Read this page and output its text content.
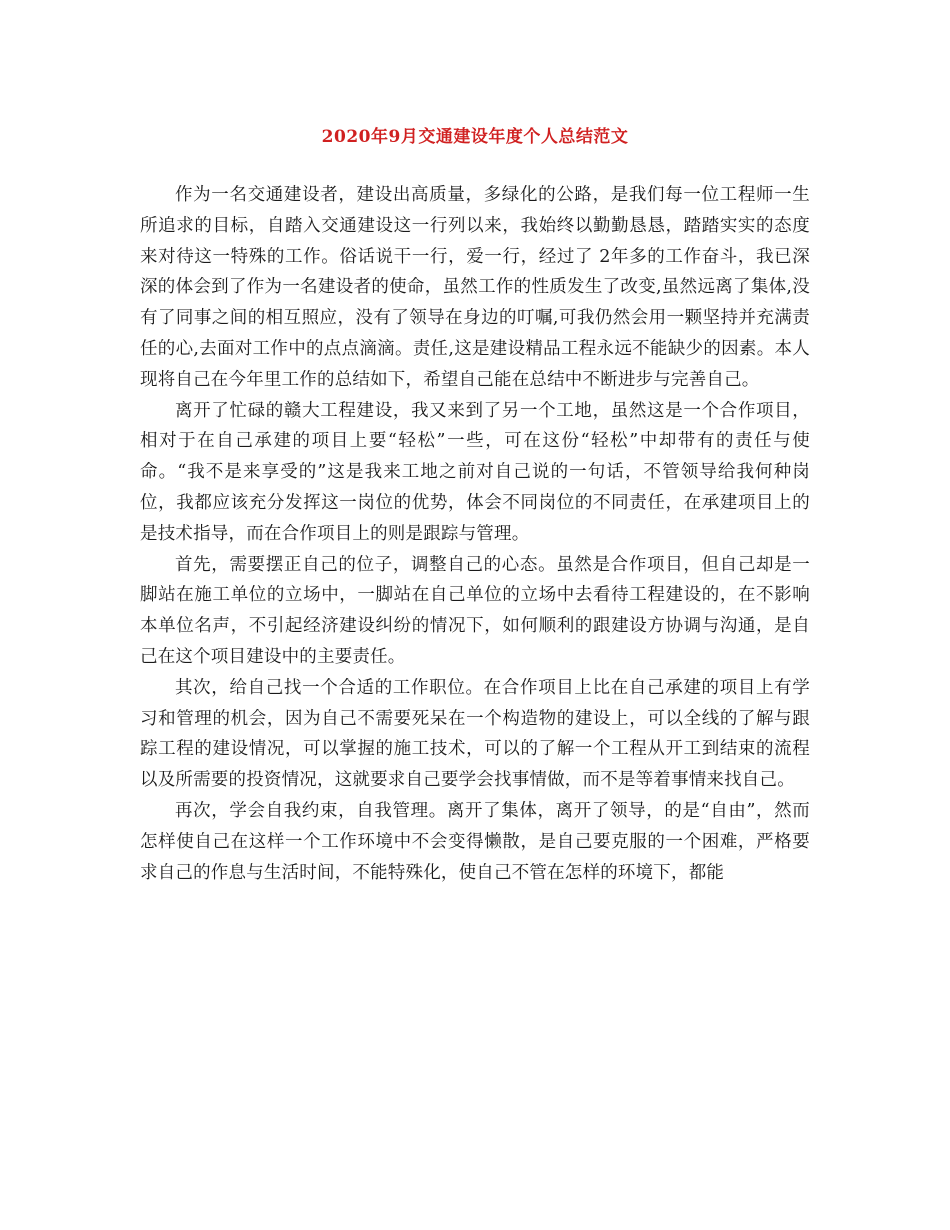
2020年9月交通建设年度个人总结范文

作为一名交通建设者，建设出高质量，多绿化的公路，是我们每一位工程师一生所追求的目标，自踏入交通建设这一行列以来，我始终以勤勤恳恳，踏踏实实的态度来对待这一特殊的工作。俗话说干一行，爱一行，经过了 2年多的工作奋斗，我已深深的体会到了作为一名建设者的使命，虽然工作的性质发生了改变,虽然远离了集体,没有了同事之间的相互照应，没有了领导在身边的叮嘱,可我仍然会用一颗坚持并充满责任的心,去面对工作中的点点滴滴。责任,这是建设精品工程永远不能缺少的因素。本人现将自己在今年里工作的总结如下，希望自己能在总结中不断进步与完善自己。

离开了忙碌的赣大工程建设，我又来到了另一个工地，虽然这是一个合作项目，相对于在自己承建的项目上要“轻松”一些，可在这份“轻松”中却带有的责任与使命。“我不是来享受的”这是我来工地之前对自己说的一句话，不管领导给我何种岗位，我都应该充分发挥这一岗位的优势，体会不同岗位的不同责任，在承建项目上的是技术指导，而在合作项目上的则是跟踪与管理。

首先，需要摆正自己的位子，调整自己的心态。虽然是合作项目，但自己却是一脚站在施工单位的立场中，一脚站在自己单位的立场中去看待工程建设的，在不影响本单位名声，不引起经济建设纠纷的情况下，如何顺利的跟建设方协调与沟通，是自己在这个项目建设中的主要责任。

其次，给自己找一个合适的工作职位。在合作项目上比在自己承建的项目上有学习和管理的机会，因为自己不需要死呆在一个构造物的建设上，可以全线的了解与跟踪工程的建设情况，可以掌握的施工技术，可以的了解一个工程从开工到结束的流程以及所需要的投资情况，这就要求自己要学会找事情做，而不是等着事情来找自己。

再次，学会自我约束，自我管理。离开了集体，离开了领导，的是“自由”，然而怎样使自己在这样一个工作环境中不会变得懒散，是自己要克服的一个困难，严格要求自己的作息与生活时间，不能特殊化，使自己不管在怎样的环境下，都能
